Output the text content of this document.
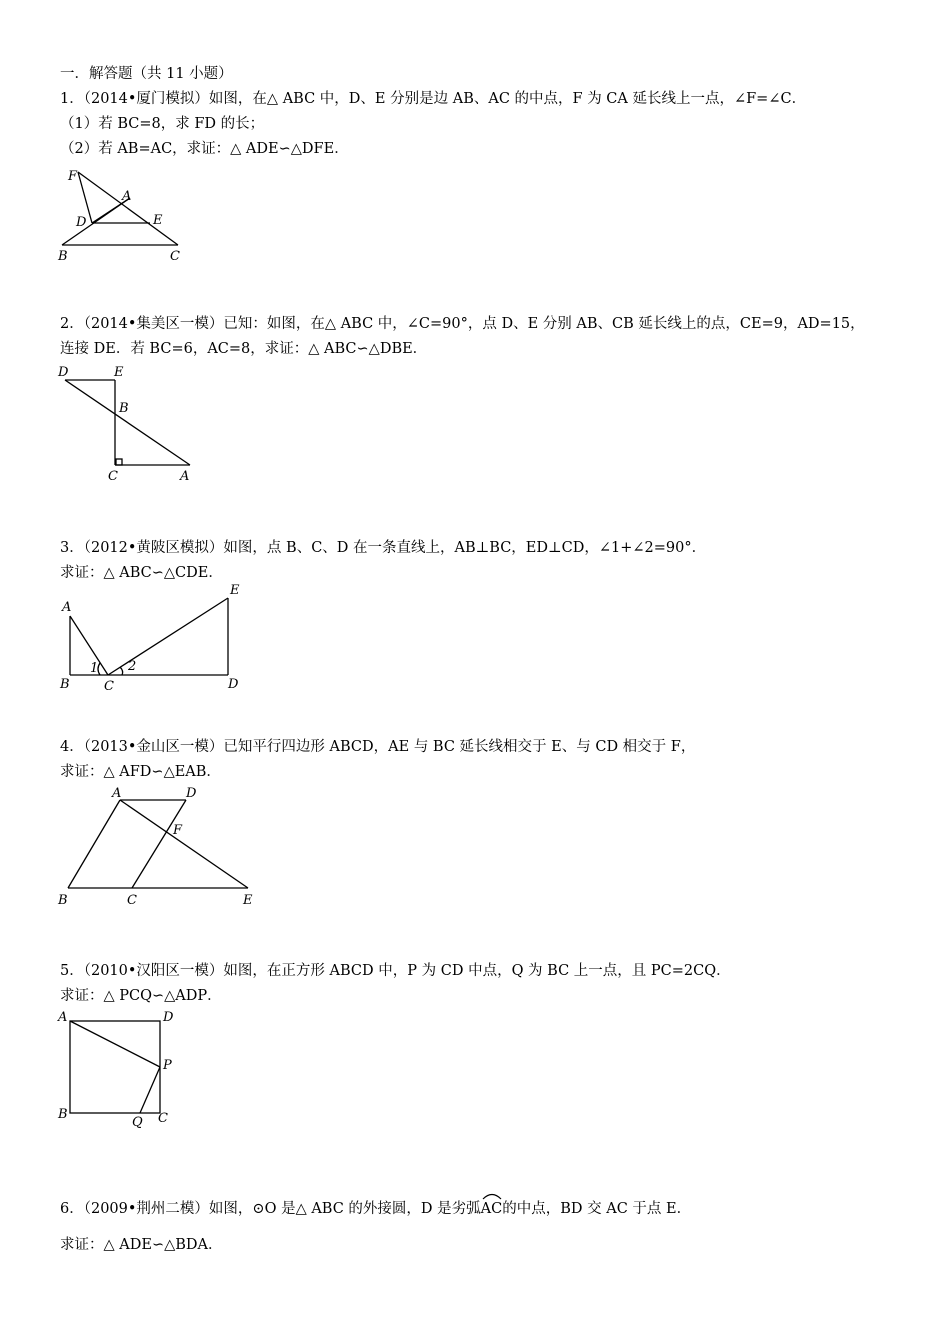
一．解答题（共 11 小题）
1．（2014•厦门模拟）如图，在△ ABC 中，D、E 分别是边 AB、AC 的中点，F 为 CA 延长线上一点，∠F=∠C．
（1）若 BC=8，求 FD 的长；
（2）若 AB=AC，求证：△ ADE∽△DFE．
F
A
D	E
B	C
2．（2014•集美区一模）已知：如图，在△ ABC 中，∠C=90°，点 D、E 分别 AB、CB 延长线上的点，CE=9，AD=15，
连接 DE．若 BC=6，AC=8，求证：△ ABC∽△DBE．
D	E
B
C	A
3．（2012•黄陂区模拟）如图，点 B、C、D 在一条直线上，AB⊥BC，ED⊥CD，∠1+∠2=90°．
求证：△ ABC∽△CDE．
A
E
1 2
B	C	D
4．（2013•金山区一模）已知平行四边形 ABCD，AE 与 BC 延长线相交于 E、与 CD 相交于 F，
求证：△ AFD∽△EAB．
A	D
F
B	C	E
5．（2010•汉阳区一模）如图，在正方形 ABCD 中，P 为 CD 中点，Q 为 BC 上一点，且 PC=2CQ．
求证：△ PCQ∽△ADP．
A	D
P
B
Q C
6．（2009•荆州二模）如图，⊙O 是△ ABC 的外接圆，D 是劣弧
AC的中点，BD 交 AC 于点 E．
求证：△ ADE∽△BDA．
